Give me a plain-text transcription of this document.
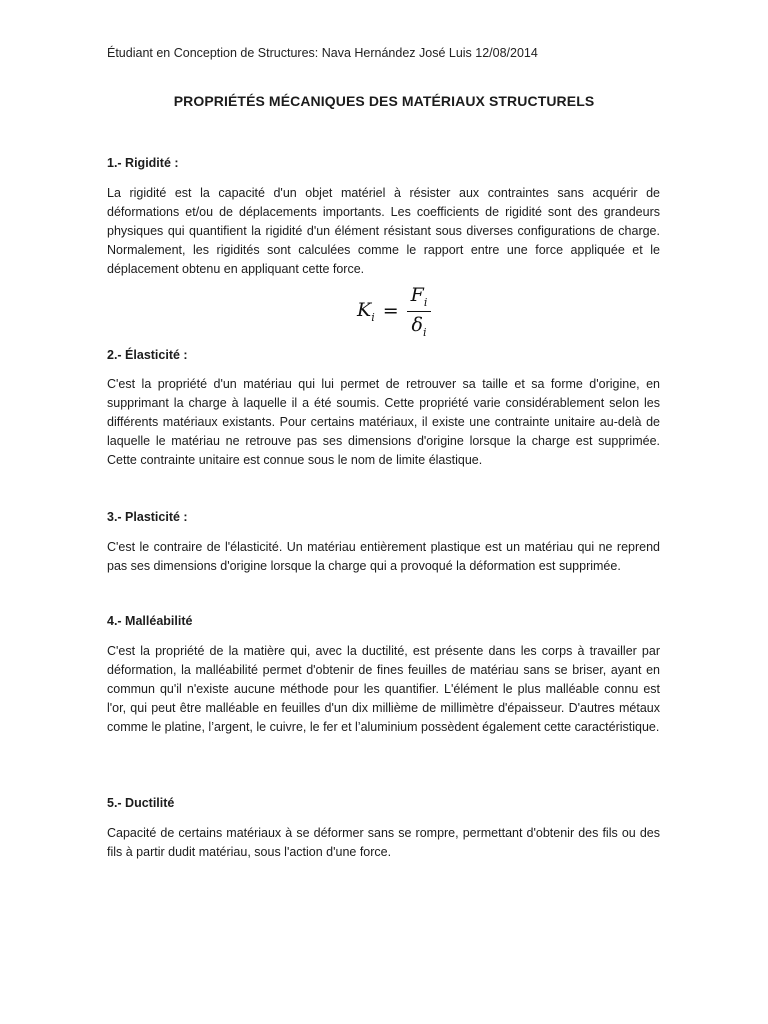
Étudiant en Conception de Structures: Nava Hernández José Luis 12/08/2014
PROPRIÉTÉS MÉCANIQUES DES MATÉRIAUX STRUCTURELS
1.- Rigidité :

La rigidité est la capacité d'un objet matériel à résister aux contraintes sans acquérir de déformations et/ou de déplacements importants. Les coefficients de rigidité sont des grandeurs physiques qui quantifient la rigidité d'un élément résistant sous diverses configurations de charge. Normalement, les rigidités sont calculées comme le rapport entre une force appliquée et le déplacement obtenu en appliquant cette force.

$K_i = \frac{F_i}{\delta_i}$
2.- Élasticité :

C'est la propriété d'un matériau qui lui permet de retrouver sa taille et sa forme d'origine, en supprimant la charge à laquelle il a été soumis. Cette propriété varie considérablement selon les différents matériaux existants. Pour certains matériaux, il existe une contrainte unitaire au-delà de laquelle le matériau ne retrouve pas ses dimensions d'origine lorsque la charge est supprimée. Cette contrainte unitaire est connue sous le nom de limite élastique.

3.- Plasticité :

C'est le contraire de l'élasticité. Un matériau entièrement plastique est un matériau qui ne reprend pas ses dimensions d'origine lorsque la charge qui a provoqué la déformation est supprimée.

4.- Malléabilité

C'est la propriété de la matière qui, avec la ductilité, est présente dans les corps à travailler par déformation, la malléabilité permet d'obtenir de fines feuilles de matériau sans se briser, ayant en commun qu'il n'existe aucune méthode pour les quantifier. L'élément le plus malléable connu est l'or, qui peut être malléable en feuilles d'un dix millième de millimètre d'épaisseur. D'autres métaux comme le platine, l’argent, le cuivre, le fer et l’aluminium possèdent également cette caractéristique.

5.- Ductilité

Capacité de certains matériaux à se déformer sans se rompre, permettant d'obtenir des fils ou des fils à partir dudit matériau, sous l'action d'une force.
